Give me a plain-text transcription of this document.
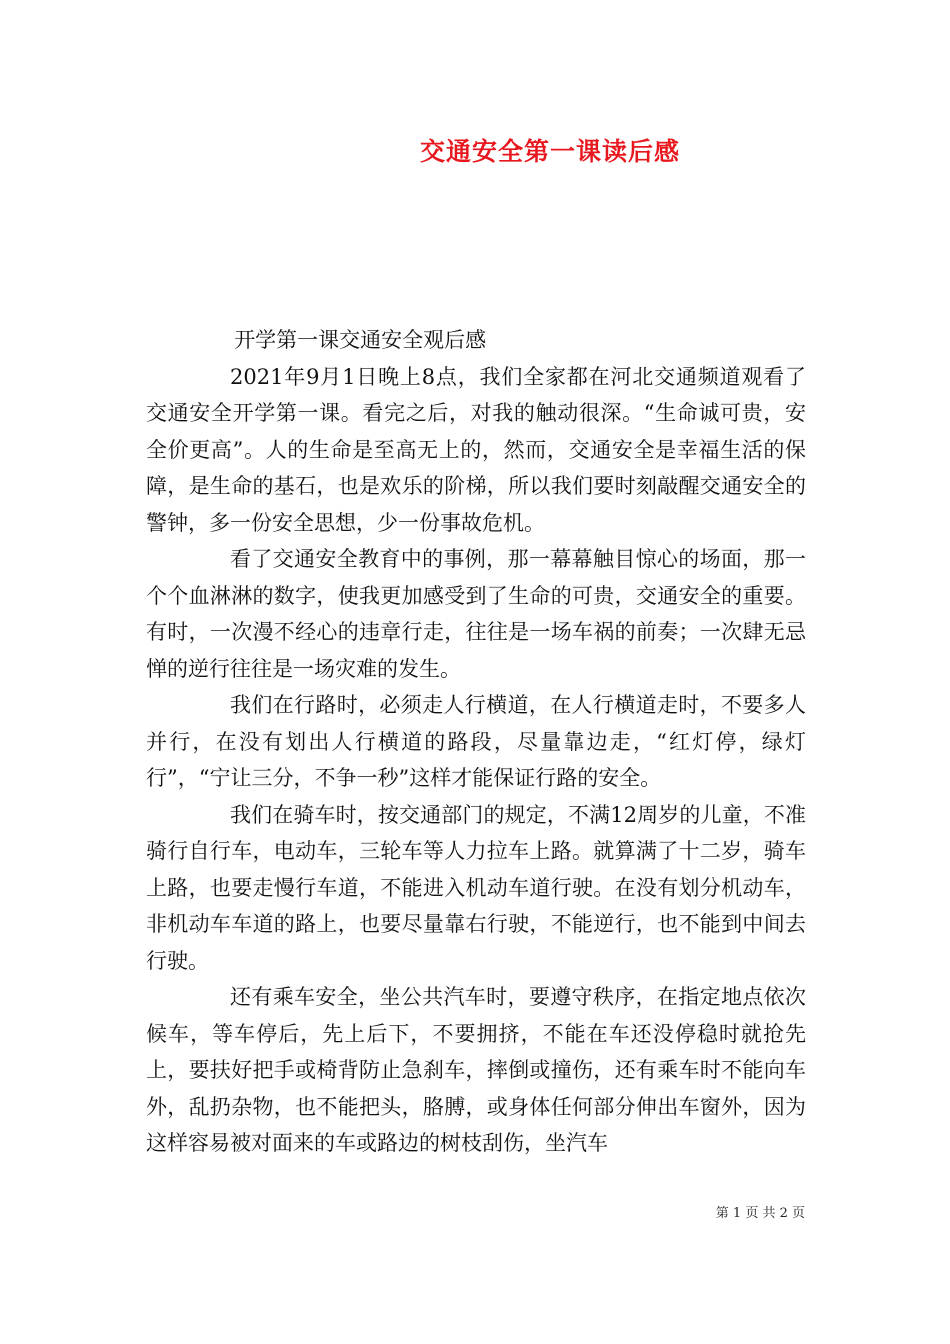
交通安全第一课读后感

开学第一课交通安全观后感

2021年9月1日晚上8点，我们全家都在河北交通频道观看了交通安全开学第一课。看完之后，对我的触动很深。“生命诚可贵，安全价更高”。人的生命是至高无上的，然而，交通安全是幸福生活的保障，是生命的基石，也是欢乐的阶梯，所以我们要时刻敲醒交通安全的警钟，多一份安全思想，少一份事故危机。

看了交通安全教育中的事例，那一幕幕触目惊心的场面，那一个个血淋淋的数字，使我更加感受到了生命的可贵，交通安全的重要。有时，一次漫不经心的违章行走，往往是一场车祸的前奏；一次肆无忌惮的逆行往往是一场灾难的发生。

我们在行路时，必须走人行横道，在人行横道走时，不要多人并行，在没有划出人行横道的路段，尽量靠边走，“红灯停，绿灯行”，“宁让三分，不争一秒”这样才能保证行路的安全。

我们在骑车时，按交通部门的规定，不满12周岁的儿童，不准骑行自行车，电动车，三轮车等人力拉车上路。就算满了十二岁，骑车上路，也要走慢行车道，不能进入机动车道行驶。在没有划分机动车，非机动车车道的路上，也要尽量靠右行驶，不能逆行，也不能到中间去行驶。

还有乘车安全，坐公共汽车时，要遵守秩序，在指定地点依次候车，等车停后，先上后下，不要拥挤，不能在车还没停稳时就抢先上，要扶好把手或椅背防止急刹车，摔倒或撞伤，还有乘车时不能向车外，乱扔杂物，也不能把头，胳膊，或身体任何部分伸出车窗外，因为这样容易被对面来的车或路边的树枝刮伤，坐汽车

第 1 页 共 2 页
